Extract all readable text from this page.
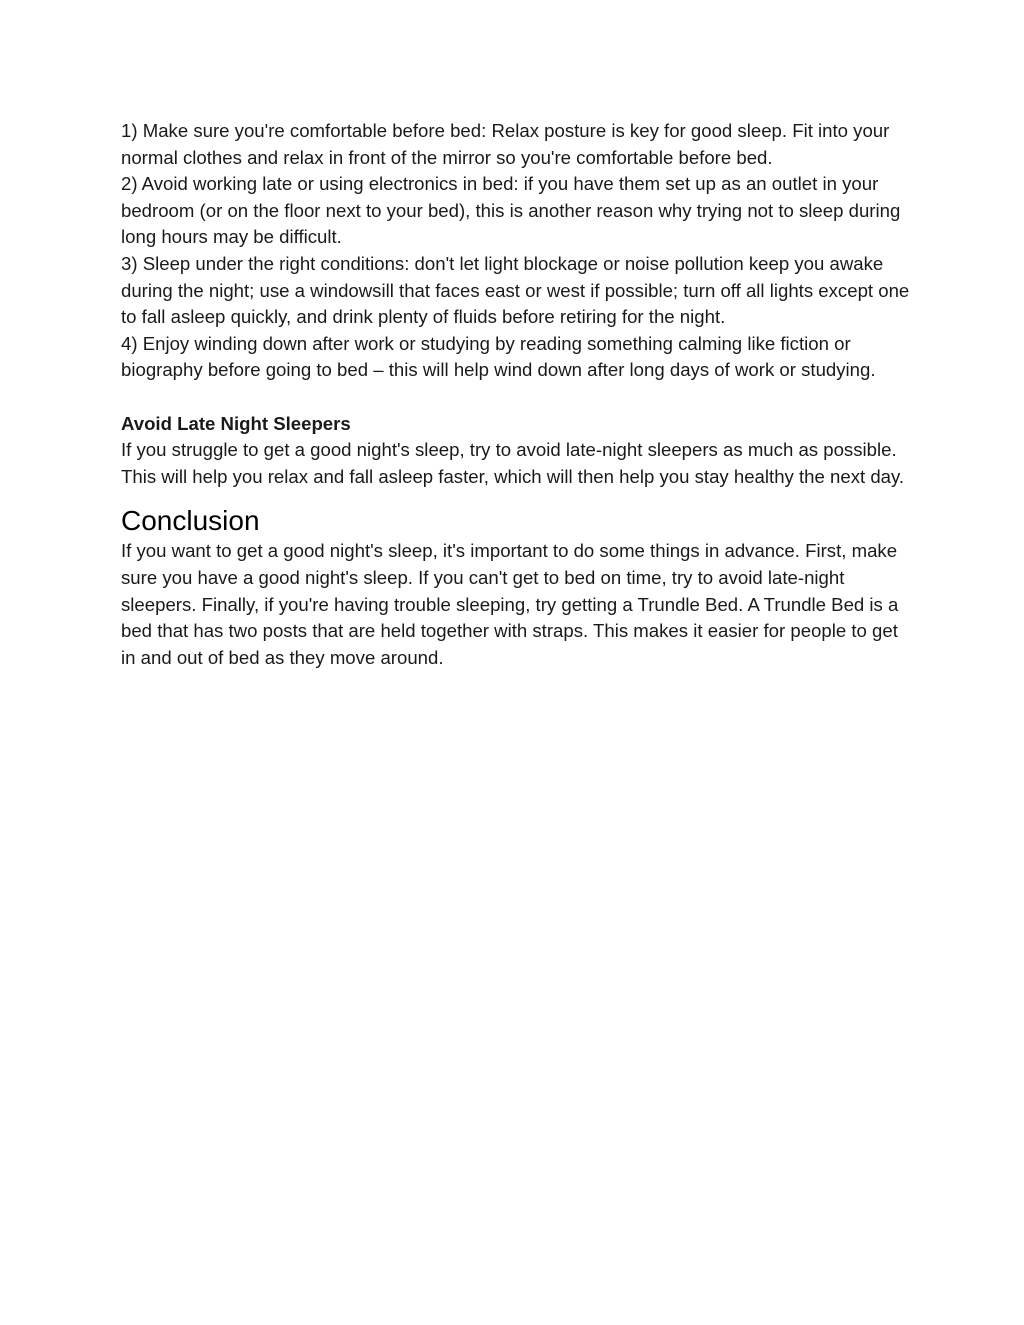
1) Make sure you're comfortable before bed: Relax posture is key for good sleep. Fit into your normal clothes and relax in front of the mirror so you're comfortable before bed.

2) Avoid working late or using electronics in bed: if you have them set up as an outlet in your bedroom (or on the floor next to your bed), this is another reason why trying not to sleep during long hours may be difficult.

3) Sleep under the right conditions: don't let light blockage or noise pollution keep you awake during the night; use a windowsill that faces east or west if possible; turn off all lights except one to fall asleep quickly, and drink plenty of fluids before retiring for the night.

4) Enjoy winding down after work or studying by reading something calming like fiction or biography before going to bed – this will help wind down after long days of work or studying.

Avoid Late Night Sleepers

If you struggle to get a good night's sleep, try to avoid late-night sleepers as much as possible. This will help you relax and fall asleep faster, which will then help you stay healthy the next day.

Conclusion

If you want to get a good night's sleep, it's important to do some things in advance. First, make sure you have a good night's sleep. If you can't get to bed on time, try to avoid late-night sleepers. Finally, if you're having trouble sleeping, try getting a Trundle Bed. A Trundle Bed is a bed that has two posts that are held together with straps. This makes it easier for people to get in and out of bed as they move around.
